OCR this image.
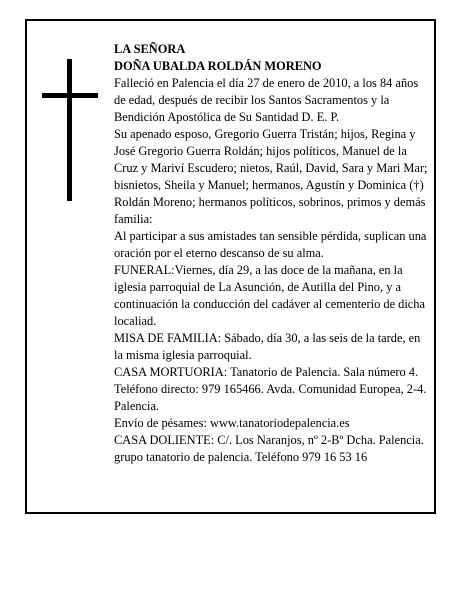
LA SEÑORA

DOÑA UBALDA ROLDÁN MORENO

Falleció en Palencia el día 27 de enero de 2010, a los 84 años de edad, después de recibir los Santos Sacramentos y la Bendición Apostólica de Su Santidad D. E. P.

Su apenado esposo, Gregorio Guerra Tristán; hijos, Regina y José Gregorio Guerra Roldán; hijos políticos, Manuel de la Cruz y Mariví Escudero; nietos, Raúl, David, Sara y Mari Mar; bisnietos, Sheila y Manuel; hermanos, Agustín y Dominica (†) Roldán Moreno; hermanos políticos, sobrinos, primos y demás familia:

Al participar a sus amistades tan sensible pérdida, suplican una oración por el eterno descanso de su alma.

FUNERAL:Viernes, día 29, a las doce de la mañana, en la iglesia parroquial de La Asunción, de Autilla del Pino, y a continuación la conducción del cadáver al cementerio de dicha localiad.

MISA DE FAMILIA: Sábado, día 30, a las seis de la tarde, en la misma iglesia parroquial.

CASA MORTUORIA: Tanatorio de Palencia. Sala número 4. Teléfono directo: 979 165466. Avda. Comunidad Europea, 2-4. Palencia.

Envío de pésames: www.tanatoriodepalencia.es

CASA DOLIENTE: C/. Los Naranjos, nº 2-Bº Dcha. Palencia.

grupo tanatorio de palencia. Teléfono 979 16 53 16
